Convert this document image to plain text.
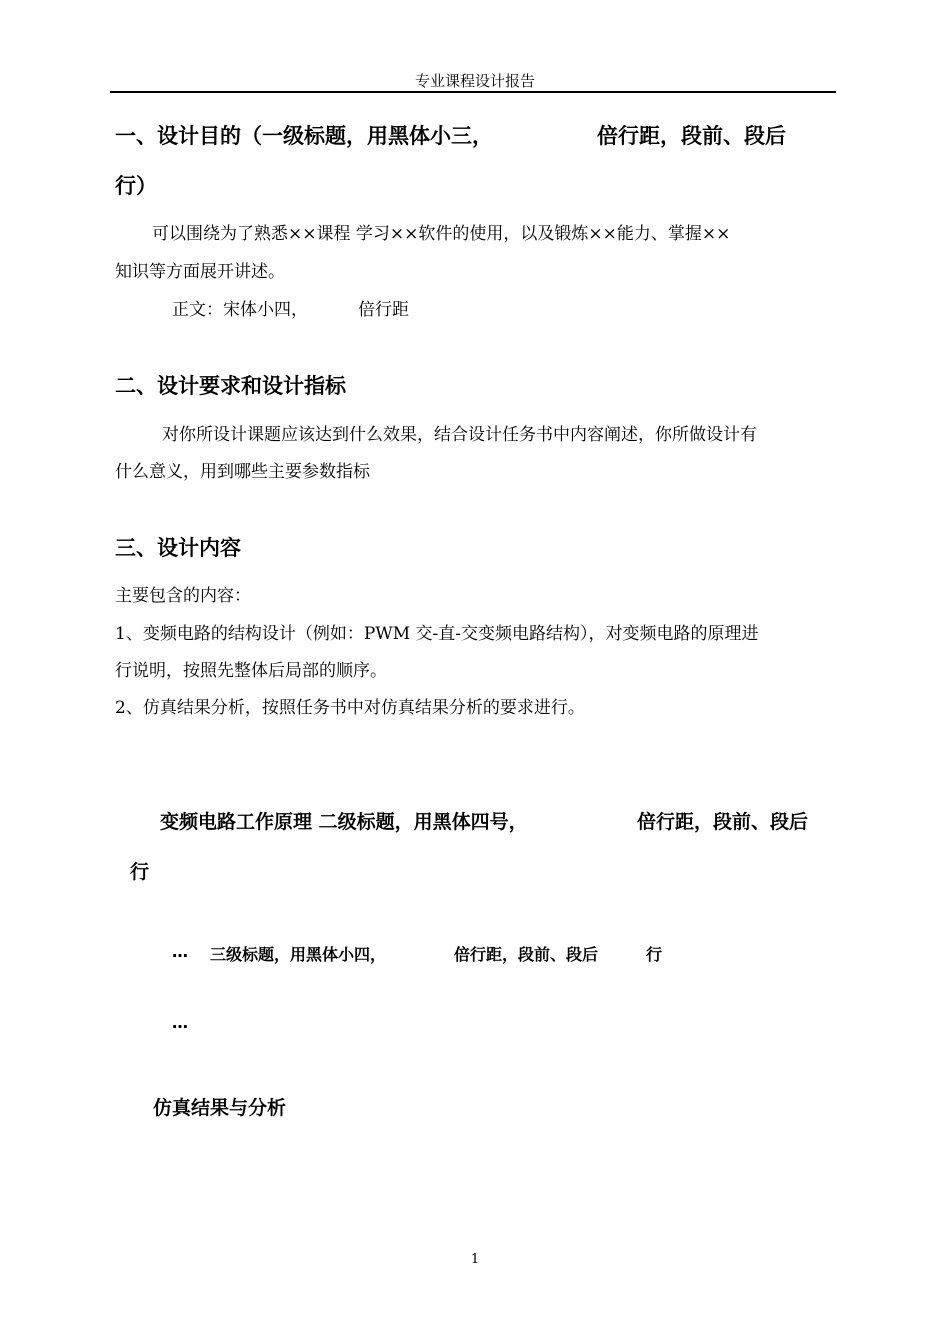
专业课程设计报告
一、设计目的（一级标题，用黑体小三，	倍行距，段前、段后
行）
可以围绕为了熟悉××课程 学习××软件的使用，以及锻炼××能力、掌握××
知识等方面展开讲述。
正文：宋体小四，	倍行距
二、设计要求和设计指标
对你所设计课题应该达到什么效果，结合设计任务书中内容阐述，你所做设计有
什么意义，用到哪些主要参数指标
三、设计内容
主要包含的内容：
1、变频电路的结构设计（例如：PWM 交-直-交变频电路结构），对变频电路的原理进
行说明，按照先整体后局部的顺序。
2、仿真结果分析，按照任务书中对仿真结果分析的要求进行。
变频电路工作原理 二级标题，用黑体四号，	倍行距，段前、段后
行
… 三级标题，用黑体小四，	倍行距，段前、段后	行
…
仿真结果与分析
1
